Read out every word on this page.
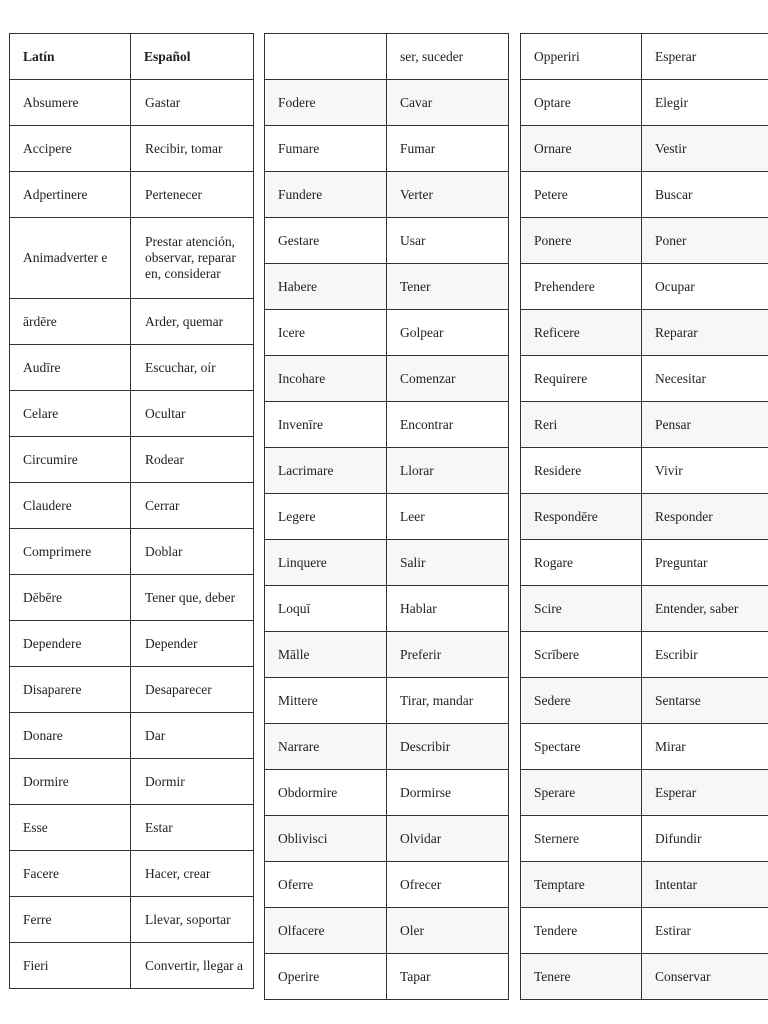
Latín	Español
Absumere	Gastar
Accipere	Recibir, tomar
Adpertinere	Pertenecer
Animadverter e	Prestar atención, observar, reparar en, considerar
ārdēre	Arder, quemar
Audīre	Escuchar, oír
Celare	Ocultar
Circumire	Rodear
Claudere	Cerrar
Comprimere	Doblar
Dēbēre	Tener que, deber
Dependere	Depender
Disaparere	Desaparecer
Donare	Dar
Dormire	Dormir
Esse	Estar
Facere	Hacer, crear
Ferre	Llevar, soportar
Fieri	Convertir, llegar a
	ser, suceder
Fodere	Cavar
Fumare	Fumar
Fundere	Verter
Gestare	Usar
Habere	Tener
Icere	Golpear
Incohare	Comenzar
Invenīre	Encontrar
Lacrimare	Llorar
Legere	Leer
Linquere	Salir
Loquī	Hablar
Mālle	Preferir
Mittere	Tirar, mandar
Narrare	Describir
Obdormire	Dormirse
Oblivisci	Olvidar
Oferre	Ofrecer
Olfacere	Oler
Operire	Tapar
Opperiri	Esperar
Optare	Elegir
Ornare	Vestir
Petere	Buscar
Ponere	Poner
Prehendere	Ocupar
Reficere	Reparar
Requirere	Necesitar
Reri	Pensar
Residere	Vivir
Respondēre	Responder
Rogare	Preguntar
Scire	Entender, saber
Scrībere	Escribir
Sedere	Sentarse
Spectare	Mirar
Sperare	Esperar
Sternere	Difundir
Temptare	Intentar
Tendere	Estirar
Tenere	Conservar
